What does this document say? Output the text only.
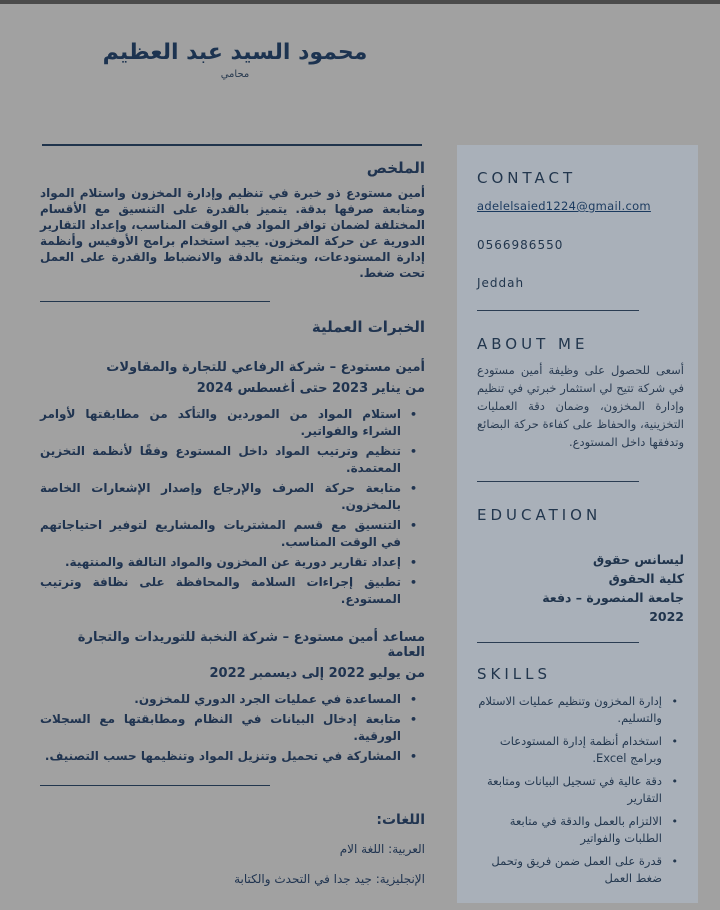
محمود السيد عبد العظيم
محامي
الملخص

أمين مستودع ذو خبرة في تنظيم وإدارة المخزون واستلام المواد ومتابعة صرفها بدقة. يتميز بالقدرة على التنسيق مع الأقسام المختلفة لضمان توافر المواد في الوقت المناسب، وإعداد التقارير الدورية عن حركة المخزون. يجيد استخدام برامج الأوفيس وأنظمة إدارة المستودعات، ويتمتع بالدقة والانضباط والقدرة على العمل تحت ضغط.

الخبرات العملية
أمين مستودع – شركة الرفاعي للتجارة والمقاولات
من يناير 2023 حتى أغسطس 2024
• استلام المواد من الموردين والتأكد من مطابقتها لأوامر الشراء والفواتير.
• تنظيم وترتيب المواد داخل المستودع وفقًا لأنظمة التخزين المعتمدة.
• متابعة حركة الصرف والإرجاع وإصدار الإشعارات الخاصة بالمخزون.
• التنسيق مع قسم المشتريات والمشاريع لتوفير احتياجاتهم في الوقت المناسب.
• إعداد تقارير دورية عن المخزون والمواد التالفة والمنتهية.
• تطبيق إجراءات السلامة والمحافظة على نظافة وترتيب المستودع.
مساعد أمين مستودع – شركة النخبة للتوريدات والتجارة العامة
من يوليو 2022 إلى ديسمبر 2022
• المساعدة في عمليات الجرد الدوري للمخزون.
• متابعة إدخال البيانات في النظام ومطابقتها مع السجلات الورقية.
• المشاركة في تحميل وتنزيل المواد وتنظيمها حسب التصنيف.
اللغات:
العربية: اللغة الام
الإنجليزية: جيد جدا في التحدث والكتابة
CONTACT
adelelsaied1224@gmail.com
0566986550
Jeddah
ABOUT ME

أسعى للحصول على وظيفة أمين مستودع في شركة تتيح لي استثمار خبرتي في تنظيم وإدارة المخزون، وضمان دقة العمليات التخزينية، والحفاظ على كفاءة حركة البضائع وتدفقها داخل المستودع.

EDUCATION
ليسانس حقوق
كلية الحقوق
جامعة المنصورة – دفعة 2022
SKILLS
• إدارة المخزون وتنظيم عمليات الاستلام والتسليم.
• استخدام أنظمة إدارة المستودعات وبرامج Excel.
• دقة عالية في تسجيل البيانات ومتابعة التقارير
• الالتزام بالعمل والدقة في متابعة الطلبات والفواتير
• قدرة على العمل ضمن فريق وتحمل ضغط العمل
